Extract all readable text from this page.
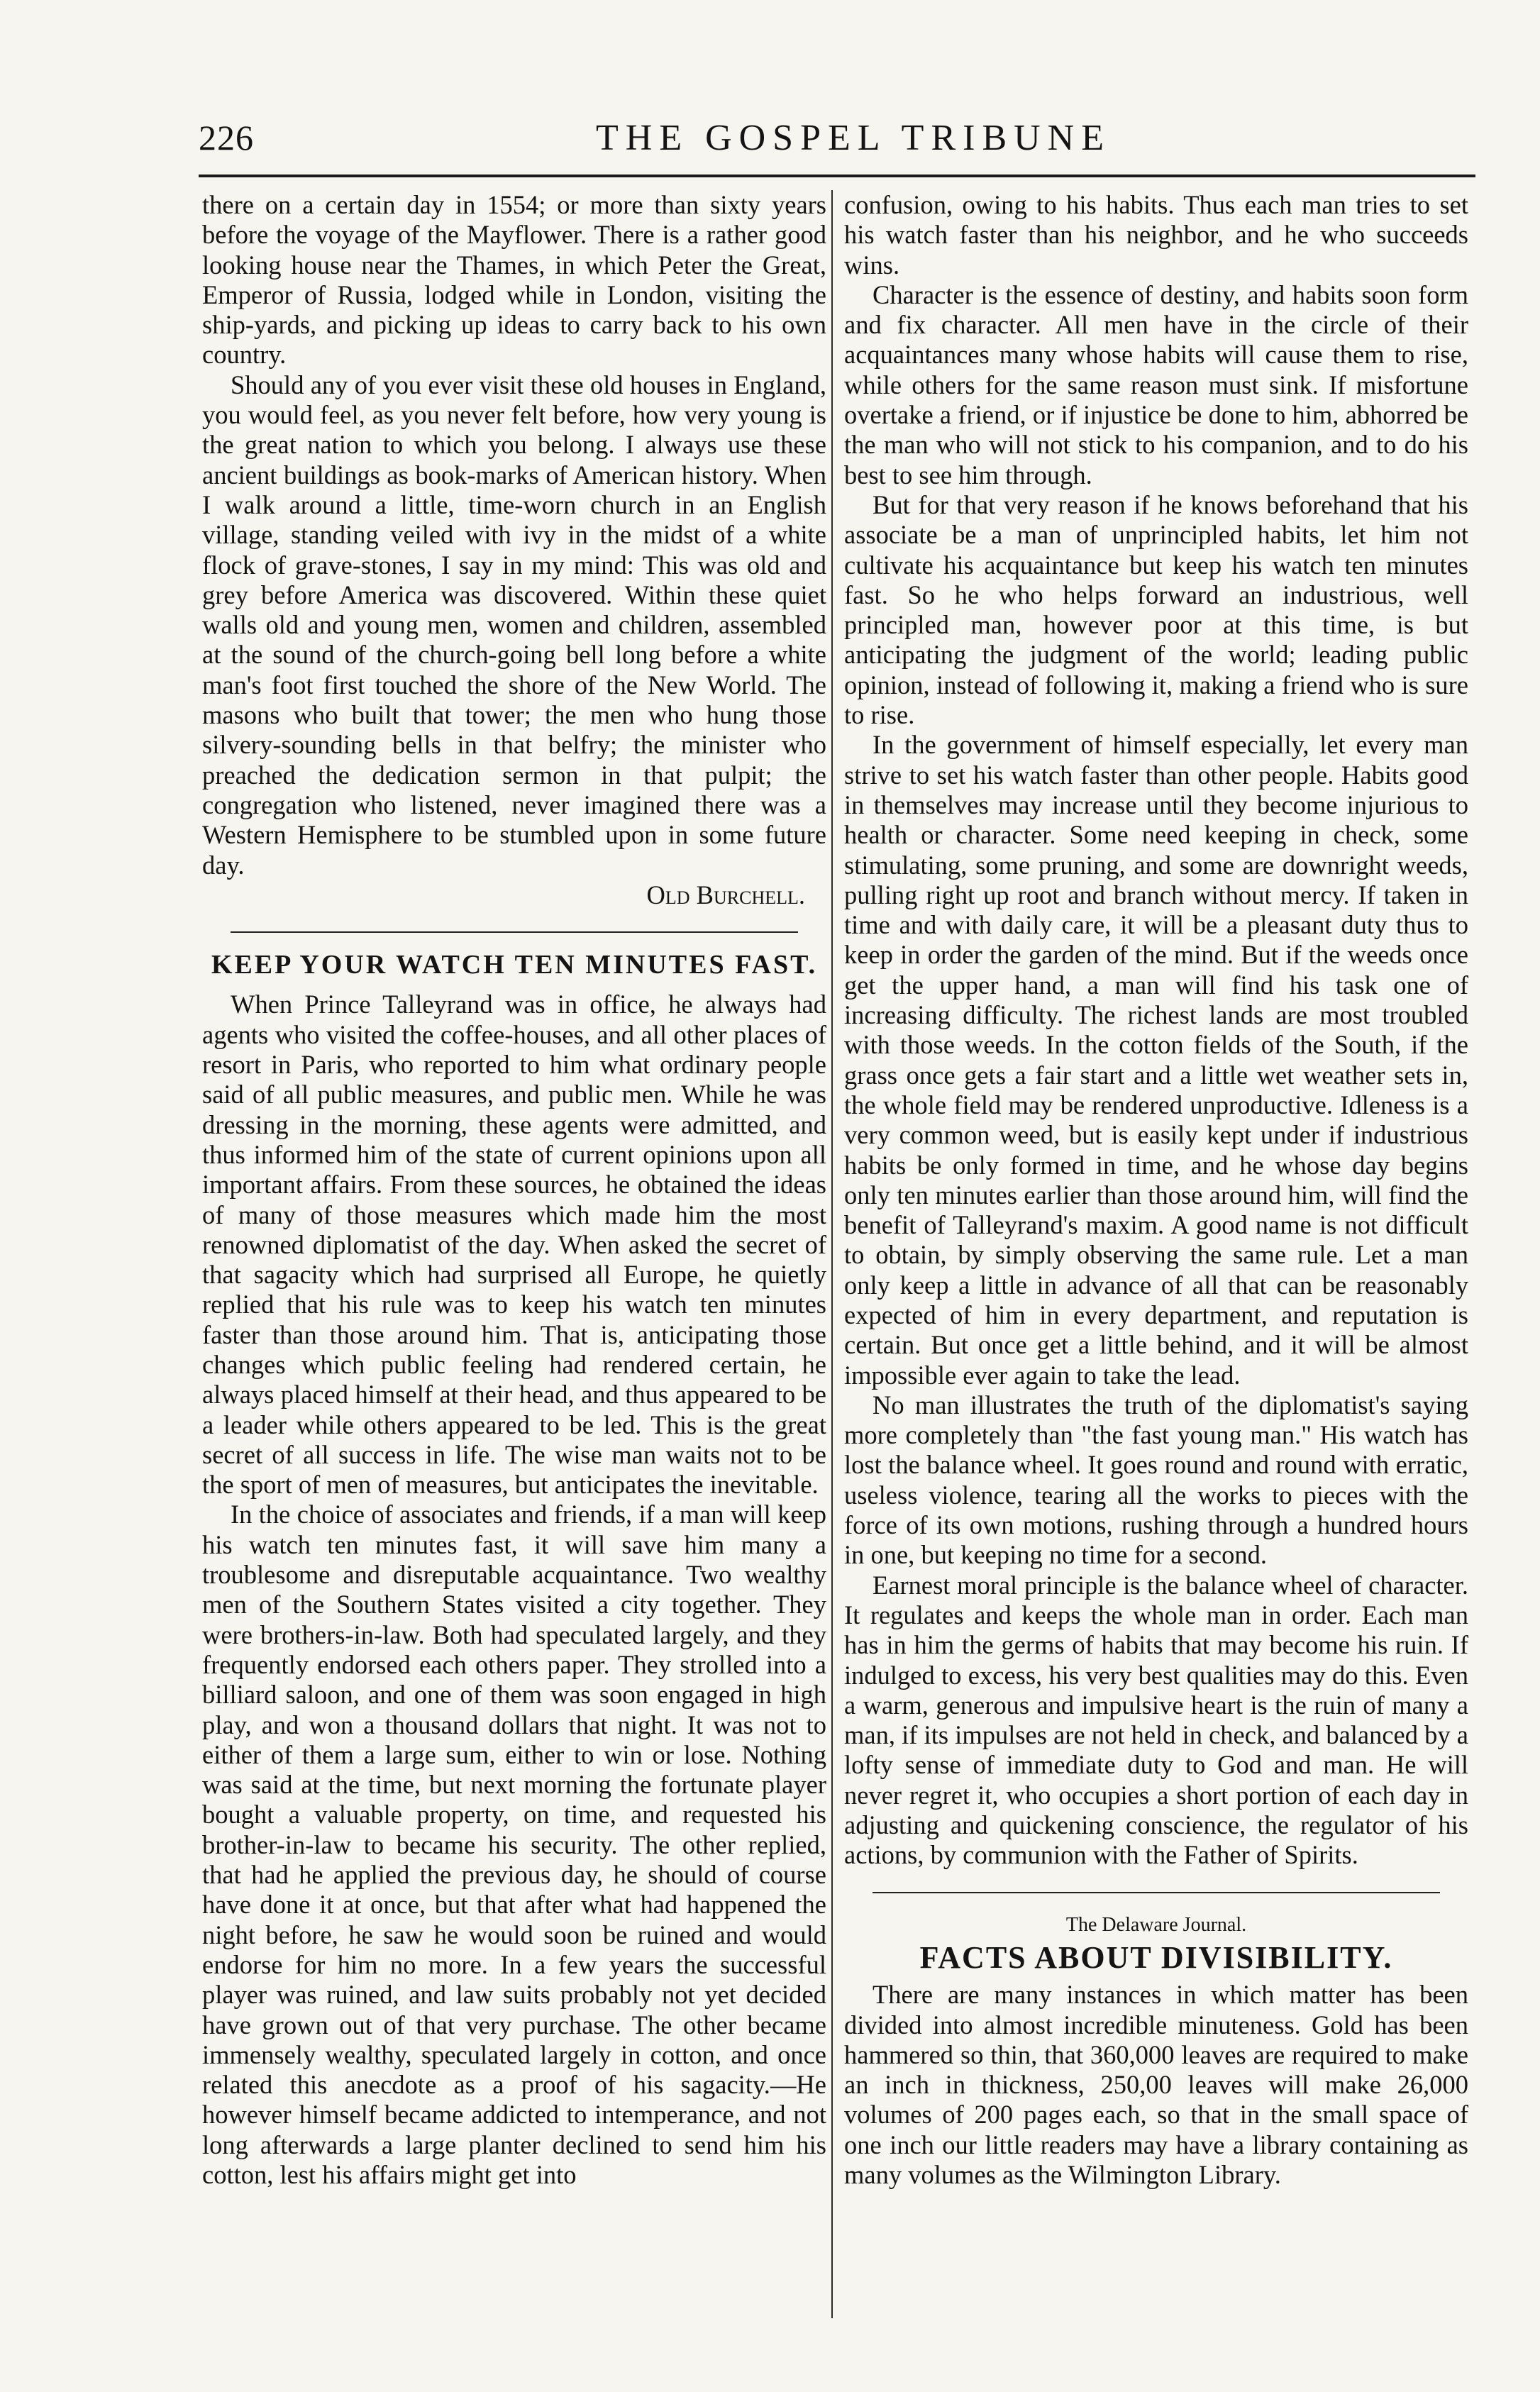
226	THE GOSPEL TRIBUNE

there on a certain day in 1554; or more than sixty years before the voyage of the Mayflower. There is a rather good looking house near the Thames, in which Peter the Great, Emperor of Russia, lodged while in London, visiting the ship-yards, and picking up ideas to carry back to his own country.

Should any of you ever visit these old houses in England, you would feel, as you never felt before, how very young is the great nation to which you belong. I always use these ancient buildings as book-marks of American history. When I walk around a little, time-worn church in an English village, standing veiled with ivy in the midst of a white flock of grave-stones, I say in my mind: This was old and grey before America was discovered. Within these quiet walls old and young men, women and children, assembled at the sound of the church-going bell long before a white man's foot first touched the shore of the New World. The masons who built that tower; the men who hung those silvery-sounding bells in that belfry; the minister who preached the dedication sermon in that pulpit; the congregation who listened, never imagined there was a Western Hemisphere to be stumbled upon in some future day.

Old Burchell.

KEEP YOUR WATCH TEN MINUTES FAST.

When Prince Talleyrand was in office, he always had agents who visited the coffee-houses, and all other places of resort in Paris, who reported to him what ordinary people said of all public measures, and public men. While he was dressing in the morning, these agents were admitted, and thus informed him of the state of current opinions upon all important affairs. From these sources, he obtained the ideas of many of those measures which made him the most renowned diplomatist of the day. When asked the secret of that sagacity which had surprised all Europe, he quietly replied that his rule was to keep his watch ten minutes faster than those around him. That is, anticipating those changes which public feeling had rendered certain, he always placed himself at their head, and thus appeared to be a leader while others appeared to be led. This is the great secret of all success in life. The wise man waits not to be the sport of men of measures, but anticipates the inevitable.

In the choice of associates and friends, if a man will keep his watch ten minutes fast, it will save him many a troublesome and disreputable acquaintance. Two wealthy men of the Southern States visited a city together. They were brothers-in-law. Both had speculated largely, and they frequently endorsed each others paper. They strolled into a billiard saloon, and one of them was soon engaged in high play, and won a thousand dollars that night. It was not to either of them a large sum, either to win or lose. Nothing was said at the time, but next morning the fortunate player bought a valuable property, on time, and requested his brother-in-law to became his security. The other replied, that had he applied the previous day, he should of course have done it at once, but that after what had happened the night before, he saw he would soon be ruined and would endorse for him no more. In a few years the successful player was ruined, and law suits probably not yet decided have grown out of that very purchase. The other became immensely wealthy, speculated largely in cotton, and once related this anecdote as a proof of his sagacity.—He however himself became addicted to intemperance, and not long afterwards a large planter declined to send him his cotton, lest his affairs might get into

confusion, owing to his habits. Thus each man tries to set his watch faster than his neighbor, and he who succeeds wins.

Character is the essence of destiny, and habits soon form and fix character. All men have in the circle of their acquaintances many whose habits will cause them to rise, while others for the same reason must sink. If misfortune overtake a friend, or if injustice be done to him, abhorred be the man who will not stick to his companion, and to do his best to see him through.

But for that very reason if he knows beforehand that his associate be a man of unprincipled habits, let him not cultivate his acquaintance but keep his watch ten minutes fast. So he who helps forward an industrious, well principled man, however poor at this time, is but anticipating the judgment of the world; leading public opinion, instead of following it, making a friend who is sure to rise.

In the government of himself especially, let every man strive to set his watch faster than other people. Habits good in themselves may increase until they become injurious to health or character. Some need keeping in check, some stimulating, some pruning, and some are downright weeds, pulling right up root and branch without mercy. If taken in time and with daily care, it will be a pleasant duty thus to keep in order the garden of the mind. But if the weeds once get the upper hand, a man will find his task one of increasing difficulty. The richest lands are most troubled with those weeds. In the cotton fields of the South, if the grass once gets a fair start and a little wet weather sets in, the whole field may be rendered unproductive. Idleness is a very common weed, but is easily kept under if industrious habits be only formed in time, and he whose day begins only ten minutes earlier than those around him, will find the benefit of Talleyrand's maxim. A good name is not difficult to obtain, by simply observing the same rule. Let a man only keep a little in advance of all that can be reasonably expected of him in every department, and reputation is certain. But once get a little behind, and it will be almost impossible ever again to take the lead.

No man illustrates the truth of the diplomatist's saying more completely than "the fast young man." His watch has lost the balance wheel. It goes round and round with erratic, useless violence, tearing all the works to pieces with the force of its own motions, rushing through a hundred hours in one, but keeping no time for a second.

Earnest moral principle is the balance wheel of character. It regulates and keeps the whole man in order. Each man has in him the germs of habits that may become his ruin. If indulged to excess, his very best qualities may do this. Even a warm, generous and impulsive heart is the ruin of many a man, if its impulses are not held in check, and balanced by a lofty sense of immediate duty to God and man. He will never regret it, who occupies a short portion of each day in adjusting and quickening conscience, the regulator of his actions, by communion with the Father of Spirits.

The Delaware Journal.
FACTS ABOUT DIVISIBILITY.

There are many instances in which matter has been divided into almost incredible minuteness. Gold has been hammered so thin, that 360,000 leaves are required to make an inch in thickness, 250,00 leaves will make 26,000 volumes of 200 pages each, so that in the small space of one inch our little readers may have a library containing as many volumes as the Wilmington Library.
